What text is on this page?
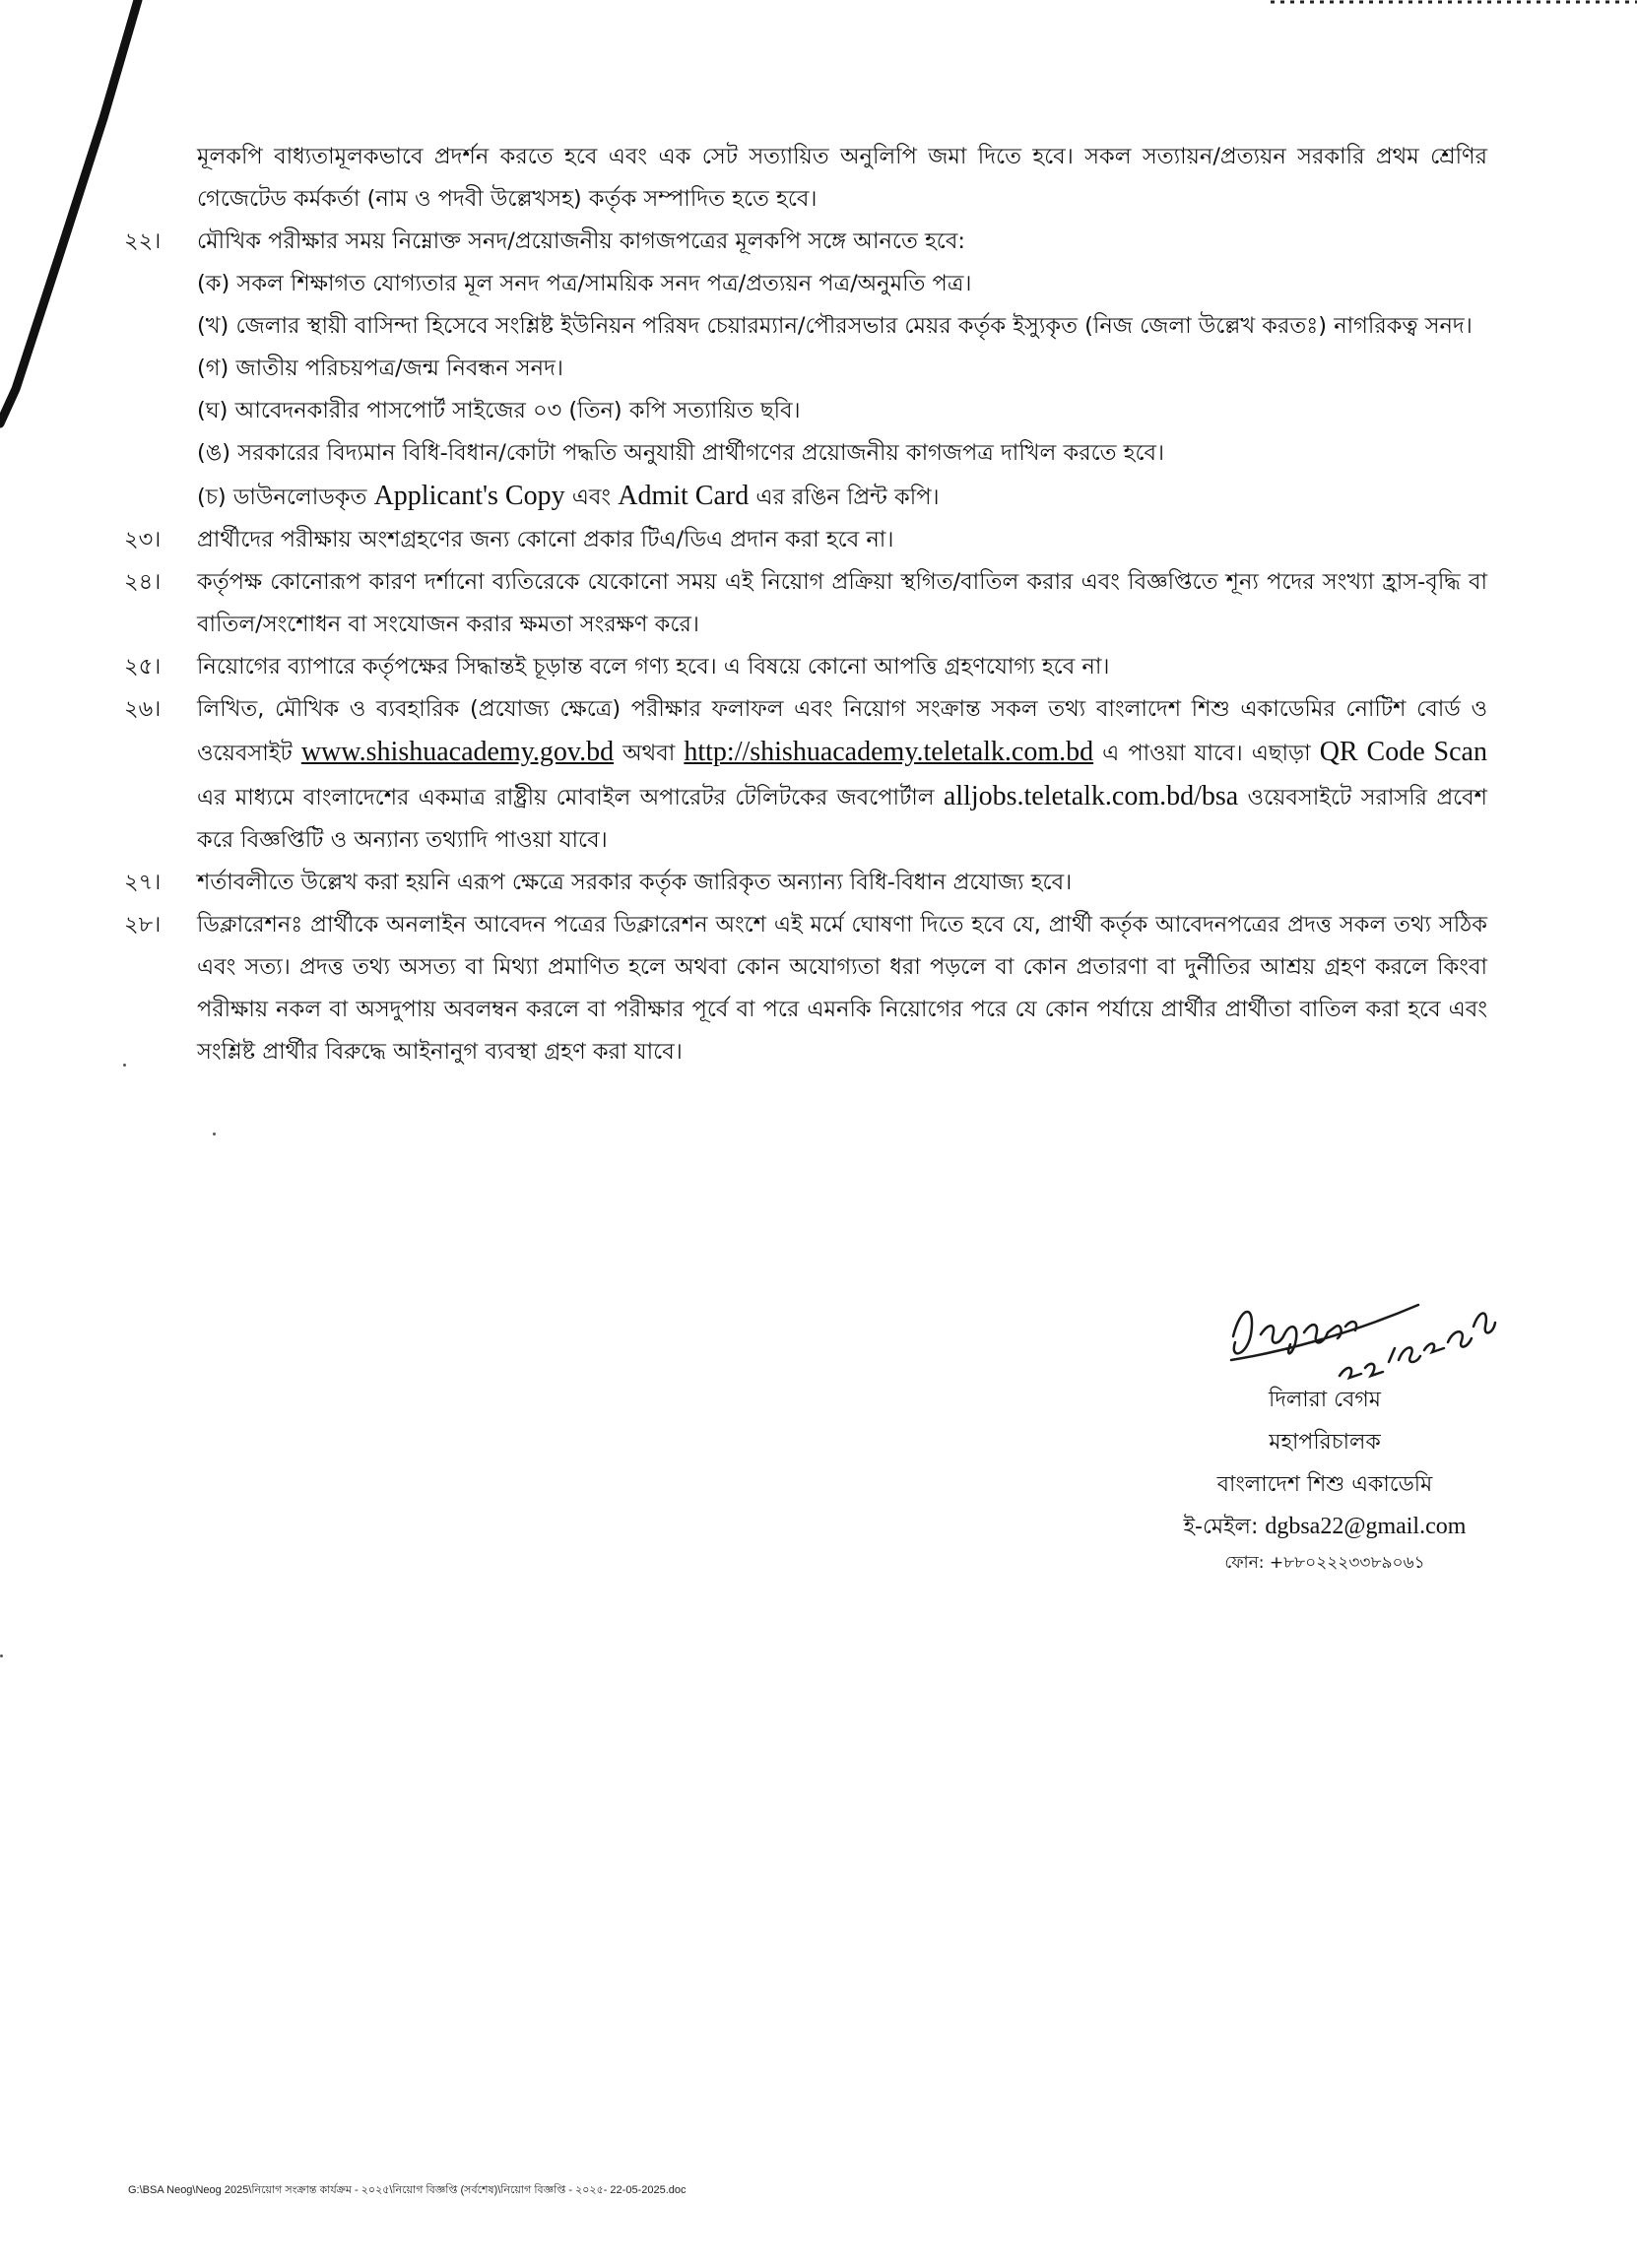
মূলকপি বাধ্যতামূলকভাবে প্রদর্শন করতে হবে এবং এক সেট সত্যায়িত অনুলিপি জমা দিতে হবে। সকল সত্যায়ন/প্রত্যয়ন সরকারি প্রথম শ্রেণির গেজেটেড কর্মকর্তা (নাম ও পদবী উল্লেখসহ) কর্তৃক সম্পাদিত হতে হবে।
২২। মৌখিক পরীক্ষার সময় নিম্নোক্ত সনদ/প্রয়োজনীয় কাগজপত্রের মূলকপি সঙ্গে আনতে হবে:
(ক) সকল শিক্ষাগত যোগ্যতার মূল সনদ পত্র/সাময়িক সনদ পত্র/প্রত্যয়ন পত্র/অনুমতি পত্র।
(খ) জেলার স্থায়ী বাসিন্দা হিসেবে সংশ্লিষ্ট ইউনিয়ন পরিষদ চেয়ারম্যান/পৌরসভার মেয়র কর্তৃক ইস্যুকৃত (নিজ জেলা উল্লেখ করতঃ) নাগরিকত্ব সনদ।
(গ) জাতীয় পরিচয়পত্র/জন্ম নিবন্ধন সনদ।
(ঘ) আবেদনকারীর পাসপোর্ট সাইজের ০৩ (তিন) কপি সত্যায়িত ছবি।
(ঙ) সরকারের বিদ্যমান বিধি-বিধান/কোটা পদ্ধতি অনুযায়ী প্রার্থীগণের প্রয়োজনীয় কাগজপত্র দাখিল করতে হবে।
(চ) ডাউনলোডকৃত Applicant's Copy এবং Admit Card এর রঙিন প্রিন্ট কপি।
২৩। প্রার্থীদের পরীক্ষায় অংশগ্রহণের জন্য কোনো প্রকার টিএ/ডিএ প্রদান করা হবে না।
২৪। কর্তৃপক্ষ কোনোরূপ কারণ দর্শানো ব্যতিরেকে যেকোনো সময় এই নিয়োগ প্রক্রিয়া স্থগিত/বাতিল করার এবং বিজ্ঞপ্তিতে শূন্য পদের সংখ্যা হ্রাস-বৃদ্ধি বা বাতিল/সংশোধন বা সংযোজন করার ক্ষমতা সংরক্ষণ করে।
২৫। নিয়োগের ব্যাপারে কর্তৃপক্ষের সিদ্ধান্তই চূড়ান্ত বলে গণ্য হবে। এ বিষয়ে কোনো আপত্তি গ্রহণযোগ্য হবে না।
২৬। লিখিত, মৌখিক ও ব্যবহারিক (প্রযোজ্য ক্ষেত্রে) পরীক্ষার ফলাফল এবং নিয়োগ সংক্রান্ত সকল তথ্য বাংলাদেশ শিশু একাডেমির নোটিশ বোর্ড ও ওয়েবসাইট www.shishuacademy.gov.bd অথবা http://shishuacademy.teletalk.com.bd এ পাওয়া যাবে। এছাড়া QR Code Scan এর মাধ্যমে বাংলাদেশের একমাত্র রাষ্ট্রীয় মোবাইল অপারেটর টেলিটকের জবপোর্টাল alljobs.teletalk.com.bd/bsa ওয়েবসাইটে সরাসরি প্রবেশ করে বিজ্ঞপ্তিটি ও অন্যান্য তথ্যাদি পাওয়া যাবে।
২৭। শর্তাবলীতে উল্লেখ করা হয়নি এরূপ ক্ষেত্রে সরকার কর্তৃক জারিকৃত অন্যান্য বিধি-বিধান প্রযোজ্য হবে।
২৮। ডিক্লারেশনঃ প্রার্থীকে অনলাইন আবেদন পত্রের ডিক্লারেশন অংশে এই মর্মে ঘোষণা দিতে হবে যে, প্রার্থী কর্তৃক আবেদনপত্রের প্রদত্ত সকল তথ্য সঠিক এবং সত্য। প্রদত্ত তথ্য অসত্য বা মিথ্যা প্রমাণিত হলে অথবা কোন অযোগ্যতা ধরা পড়লে বা কোন প্রতারণা বা দুর্নীতির আশ্রয় গ্রহণ করলে কিংবা পরীক্ষায় নকল বা অসদুপায় অবলম্বন করলে বা পরীক্ষার পূর্বে বা পরে এমনকি নিয়োগের পরে যে কোন পর্যায়ে প্রার্থীর প্রার্থীতা বাতিল করা হবে এবং সংশ্লিষ্ট প্রার্থীর বিরুদ্ধে আইনানুগ ব্যবস্থা গ্রহণ করা যাবে।
দিলারা বেগম
মহাপরিচালক
বাংলাদেশ শিশু একাডেমি
ই-মেইল: dgbsa22@gmail.com
ফোন: +৮৮০২২২৩৩৮৯০৬১
G:\BSA Neog\Neog 2025\নিয়োগ সংক্রান্ত কার্যক্রম - ২০২৫\নিয়োগ বিজ্ঞপ্তি (সর্বশেষ)\নিয়োগ বিজ্ঞপ্তি - ২০২৫- 22-05-2025.doc
